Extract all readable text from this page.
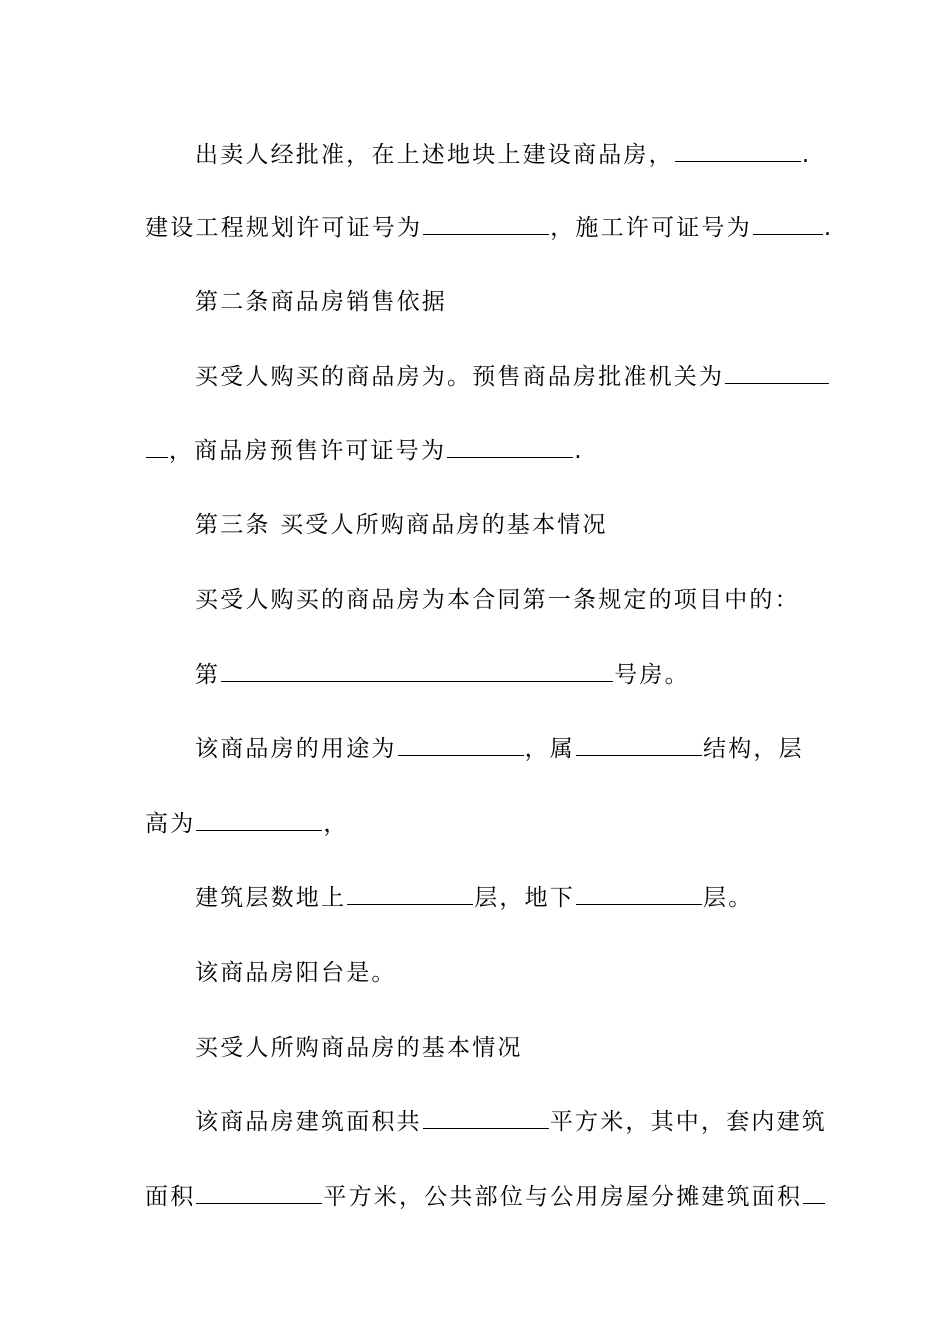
出卖人经批准，在上述地块上建设商品房，	.
建设工程规划许可证号为	，施工许可证号为	.
第二条商品房销售依据
买受人购买的商品房为。预售商品房批准机关为
，商品房预售许可证号为	.
第三条 买受人所购商品房的基本情况
买受人购买的商品房为本合同第一条规定的项目中的：
第	号房。
该商品房的用途为	，属	结构，层
高为	，
建筑层数地上	层，地下	层。
该商品房阳台是。
买受人所购商品房的基本情况
该商品房建筑面积共	平方米，其中，套内建筑
面积	平方米，公共部位与公用房屋分摊建筑面积
